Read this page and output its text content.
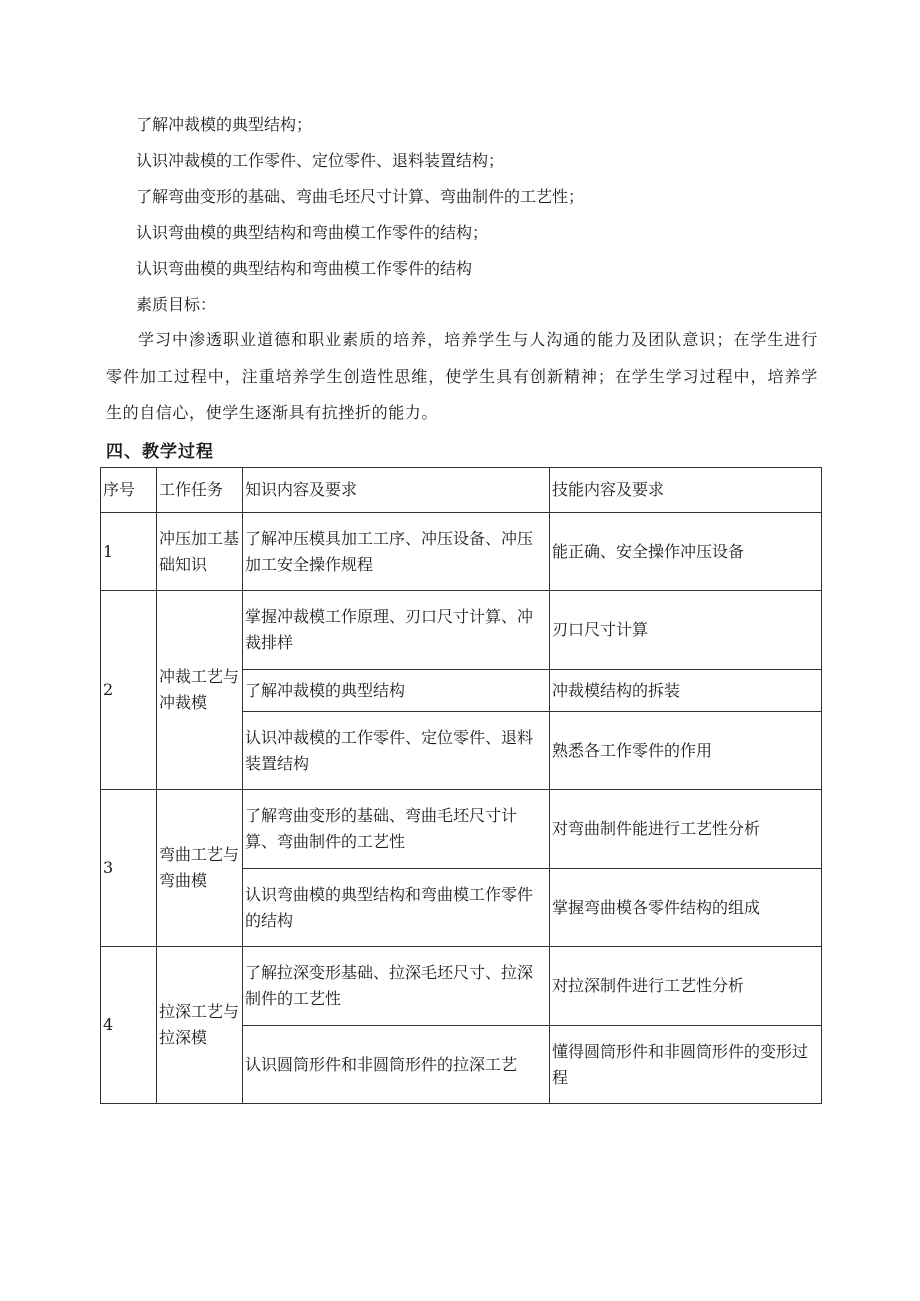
了解冲裁模的典型结构；
认识冲裁模的工作零件、定位零件、退料装置结构；
了解弯曲变形的基础、弯曲毛坯尺寸计算、弯曲制件的工艺性；
认识弯曲模的典型结构和弯曲模工作零件的结构；
认识弯曲模的典型结构和弯曲模工作零件的结构
素质目标：
学习中渗透职业道德和职业素质的培养，培养学生与人沟通的能力及团队意识；在学生进行零件加工过程中，注重培养学生创造性思维，使学生具有创新精神；在学生学习过程中，培养学生的自信心，使学生逐渐具有抗挫折的能力。
四、教学过程
序号	工作任务	知识内容及要求	技能内容及要求
1	冲压加工基础知识	了解冲压模具加工工序、冲压设备、冲压加工安全操作规程	能正确、安全操作冲压设备
2	冲裁工艺与冲裁模	掌握冲裁模工作原理、刃口尺寸计算、冲裁排样	刃口尺寸计算
		了解冲裁模的典型结构	冲裁模结构的拆装
		认识冲裁模的工作零件、定位零件、退料装置结构	熟悉各工作零件的作用
3	弯曲工艺与弯曲模	了解弯曲变形的基础、弯曲毛坯尺寸计算、弯曲制件的工艺性	对弯曲制件能进行工艺性分析
		认识弯曲模的典型结构和弯曲模工作零件的结构	掌握弯曲模各零件结构的组成
4	拉深工艺与拉深模	了解拉深变形基础、拉深毛坯尺寸、拉深制件的工艺性	对拉深制件进行工艺性分析
		认识圆筒形件和非圆筒形件的拉深工艺	懂得圆筒形件和非圆筒形件的变形过程
